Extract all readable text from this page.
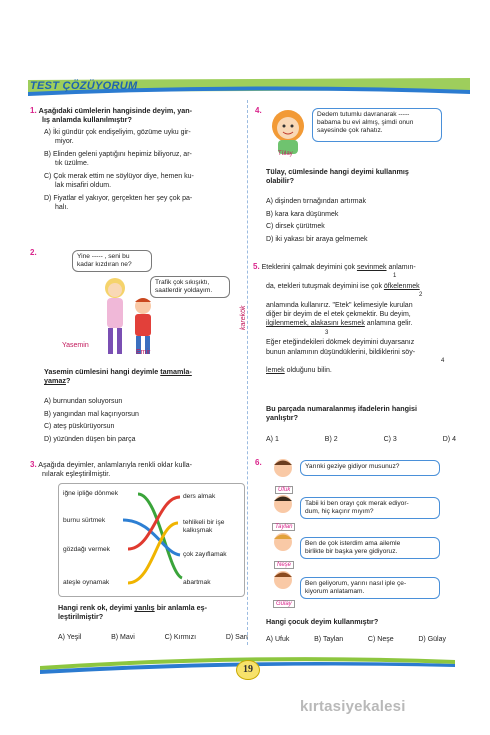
TEST ÇÖZÜYORUM
karekök
1. Aşağıdaki cümlelerin hangisinde deyim, yan-
lış anlamda kullanılmıştır?
A) İki gündür çok endişeliyim, gözüme uyku gir-
miyor.
B) Elinden geleni yaptığını hepimiz biliyoruz, ar-
tık üzülme.
C) Çok merak ettim ne söylüyor diye, hemen ku-
lak misafiri oldum.
D) Fiyatlar el yakıyor, gerçekten her şey çok pa-
halı.
2.	Yine ----- , seni bu
kadar kızdıran ne?
Trafik çok sıkışıktı,
saatlerdir yoldayım.
Yasemin
Emir
Yasemin cümlesini hangi deyimle tamamla-
yamaz?
A) burnundan soluyorsun
B) yangından mal kaçırıyorsun
C) ateş püskürüyorsun
D) yüzünden düşen bin parça
3. Aşağıda deyimler, anlamlarıyla renkli oklar kulla-
nılarak eşleştirilmiştir.
iğne ipliğe dönmek
burnu sürtmek
gözdağı vermek
ateşle oynamak
ders almak
tehlikeli bir işe kalkışmak
çok zayıflamak
abartmak
Hangi renk ok, deyimi yanlış bir anlamla eş-
leştirilmiştir?
A) Yeşil	B) Mavi	C) Kırmızı	D) Sarı
4.
Tülay
Dedem tutumlu davranarak -----
babama bu evi almış, şimdi onun
sayesinde çok rahatız.
Tülay, cümlesinde hangi deyimi kullanmış
olabilir?
A) dişinden tırnağından artırmak
B) kara kara düşünmek
C) dirsek çürütmek
D) iki yakası bir araya gelmemek
5. Eteklerini çalmak deyimini çok sevinmek anlamın-
1
da, etekleri tutuşmak deyimini ise çok öfkelenmek
2
anlamında kullanırız. "Etek" kelimesiyle kurulan
diğer bir deyim de el etek çekmektir. Bu deyim,
ilgilenmemek, alakasını kesmek anlamına gelir.
3
Eğer eteğindekileri dökmek deyimini duyarsanız
bunun anlamının düşündüklerini, bildiklerini söy-
4
lemek olduğunu bilin.
Bu parçada numaralanmış ifadelerin hangisi
yanlıştır?
A) 1	B) 2	C) 3	D) 4
6.
Ufuk
Taylan
Neşe
Gülay
Yarınki geziye gidiyor musunuz?
Tabii ki ben orayı çok merak ediyor-
dum, hiç kaçırır mıyım?
Ben de çok isterdim ama ailemle
birlikte bir başka yere gidiyoruz.
Ben geliyorum, yarını nasıl iple çe-
kiyorum anlatamam.
Hangi çocuk deyim kullanmıştır?
A) Ufuk	B) Taylan	C) Neşe	D) Gülay
19
kırtasiyekalesi
